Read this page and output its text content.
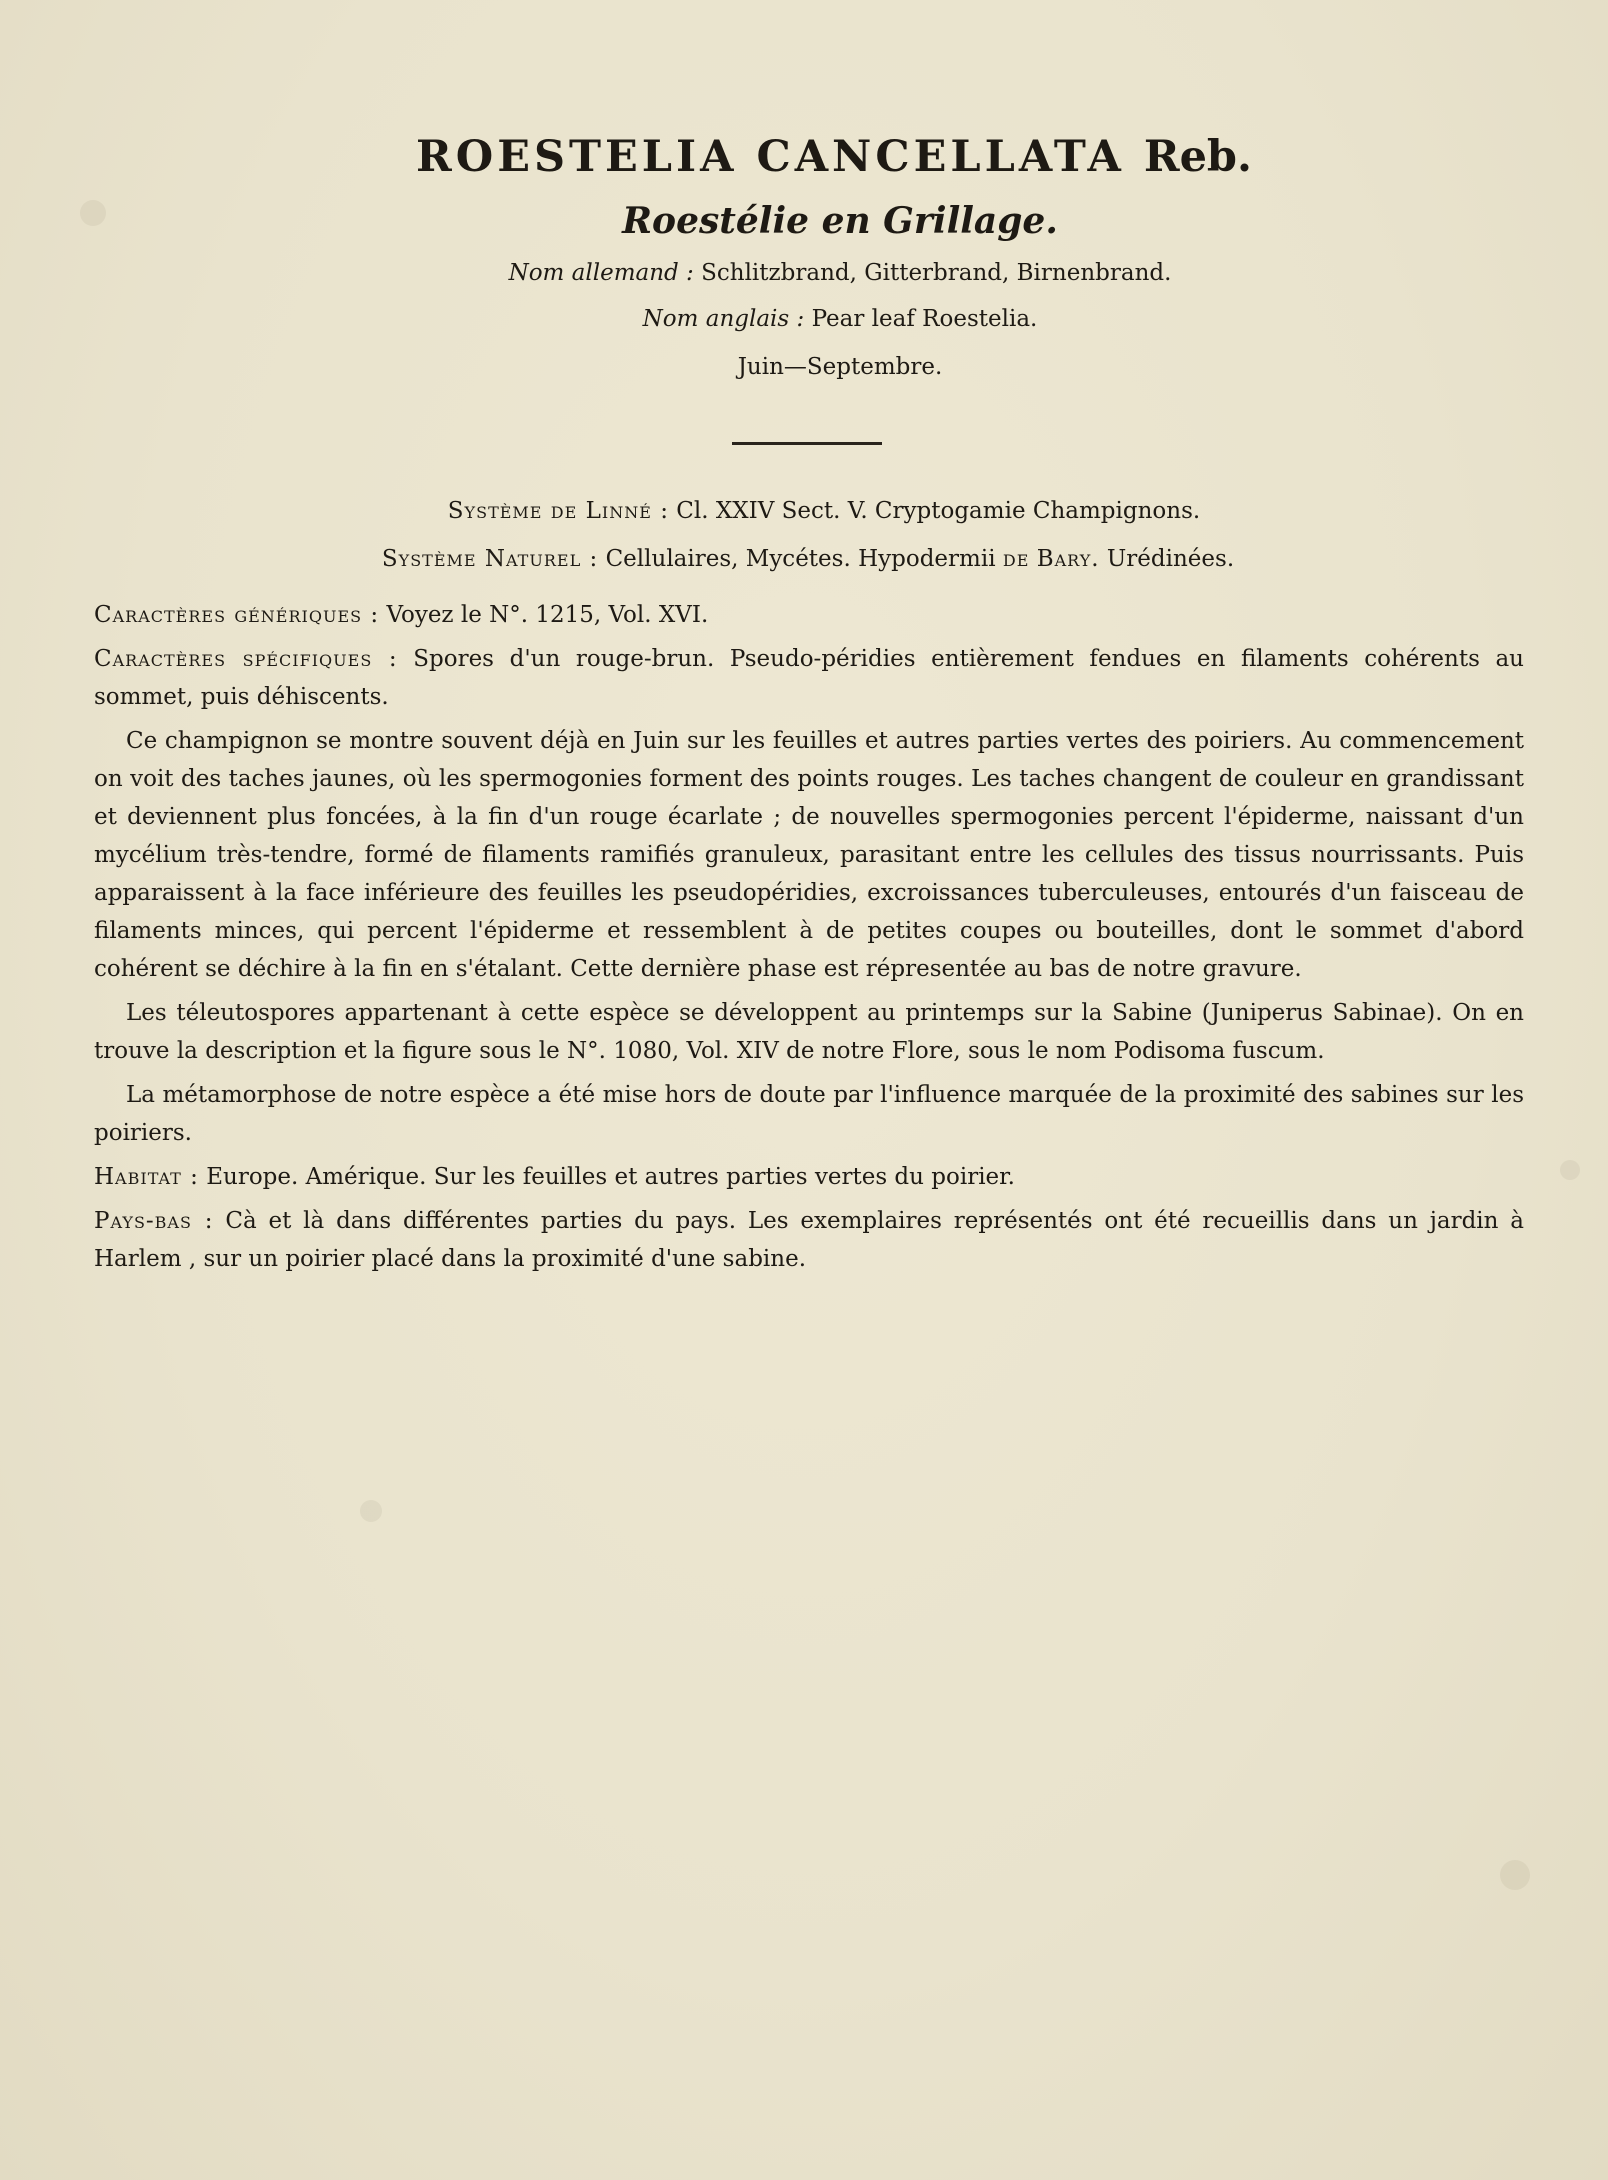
ROESTELIA CANCELLATA Reb.
Roestélie en Grillage.
Nom allemand : Schlitzbrand, Gitterbrand, Birnenbrand.
Nom anglais : Pear leaf Roestelia.
Juin—Septembre.
Système de Linné : Cl. XXIV Sect. V. Cryptogamie Champignons.
Système Naturel : Cellulaires, Mycétes. Hypodermii de Bary. Urédinées.

Caractères génériques : Voyez le N°. 1215, Vol. XVI.

Caractères spécifiques : Spores d'un rouge-brun. Pseudo-péridies entièrement fendues en filaments cohérents au sommet, puis déhiscents.

Ce champignon se montre souvent déjà en Juin sur les feuilles et autres parties vertes des poiriers. Au commencement on voit des taches jaunes, où les spermogonies forment des points rouges. Les taches changent de couleur en grandissant et deviennent plus foncées, à la fin d'un rouge écarlate ; de nouvelles spermogonies percent l'épiderme, naissant d'un mycélium très-tendre, formé de filaments ramifiés granuleux, parasitant entre les cellules des tissus nourrissants. Puis apparaissent à la face inférieure des feuilles les pseudopéridies, excroissances tuberculeuses, entourés d'un faisceau de filaments minces, qui percent l'épiderme et ressemblent à de petites coupes ou bouteilles, dont le sommet d'abord cohérent se déchire à la fin en s'étalant. Cette dernière phase est répresentée au bas de notre gravure.

Les téleutospores appartenant à cette espèce se développent au printemps sur la Sabine (Juniperus Sabinae). On en trouve la description et la figure sous le N°. 1080, Vol. XIV de notre Flore, sous le nom Podisoma fuscum.

La métamorphose de notre espèce a été mise hors de doute par l'influence marquée de la proximité des sabines sur les poiriers.

Habitat : Europe. Amérique. Sur les feuilles et autres parties vertes du poirier.

Pays-bas : Cà et là dans différentes parties du pays. Les exemplaires représentés ont été recueillis dans un jardin à Harlem , sur un poirier placé dans la proximité d'une sabine.
